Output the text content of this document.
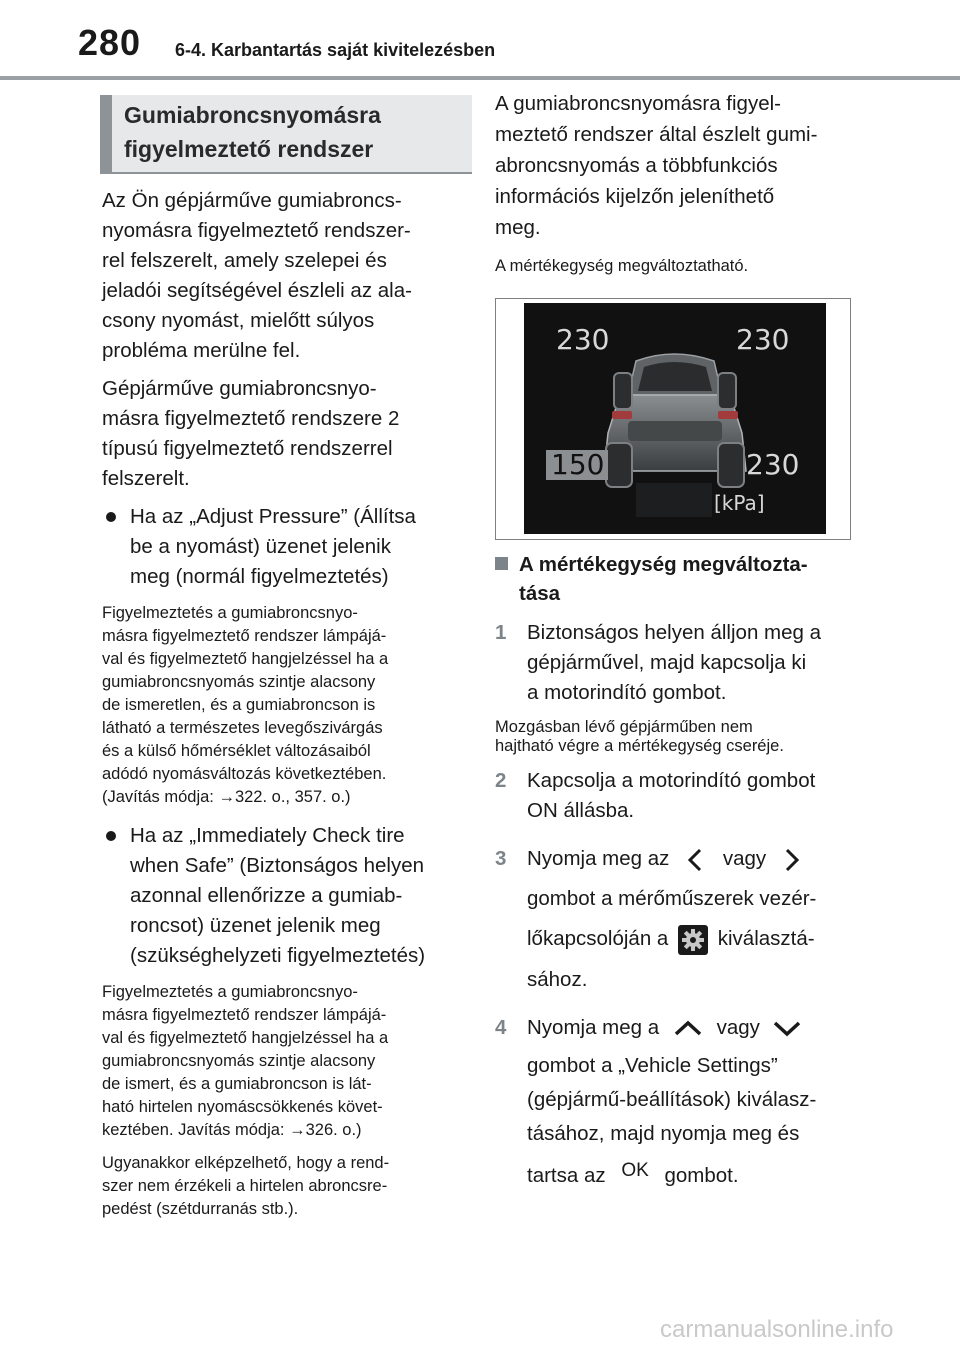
280 6-4. Karbantartás saját kivitelezésben
Gumiabroncsnyomásra
figyelmeztető rendszer

Az Ön gépjárműve gumiabroncs-

nyomásra figyelmeztető rendszer-

rel felszerelt, amely szelepei és

jeladói segítségével észleli az ala-

csony nyomást, mielőtt súlyos

probléma merülne fel.

Gépjárműve gumiabroncsnyo-

másra figyelmeztető rendszere 2

típusú figyelmeztető rendszerrel

felszerelt.

Ha az „Adjust Pressure” (Állítsa
be a nyomást) üzenet jelenik
meg (normál figyelmeztetés)

Figyelmeztetés a gumiabroncsnyo-

másra figyelmeztető rendszer lámpájá-

val és figyelmeztető hangjelzéssel ha a

gumiabroncsnyomás szintje alacsony

de ismeretlen, és a gumiabroncson is

látható a természetes levegőszivárgás

és a külső hőmérséklet változásaiból

adódó nyomásváltozás következtében.

(Javítás módja: →322. o., 357. o.)

Ha az „Immediately Check tire
when Safe” (Biztonságos helyen
azonnal ellenőrizze a gumiab-
roncsot) üzenet jelenik meg
(szükséghelyzeti figyelmeztetés)

Figyelmeztetés a gumiabroncsnyo-

másra figyelmeztető rendszer lámpájá-

val és figyelmeztető hangjelzéssel ha a

gumiabroncsnyomás szintje alacsony

de ismert, és a gumiabroncson is lát-

ható hirtelen nyomáscsökkenés követ-

keztében. Javítás módja: →326. o.)

Ugyanakkor elképzelhető, hogy a rend-

szer nem érzékeli a hirtelen abroncsre-

pedést (szétdurranás stb.).

A gumiabroncsnyomásra figyel-

meztető rendszer által észlelt gumi-

abroncsnyomás a többfunkciós

információs kijelzőn jeleníthető

meg.

A mértékegység megváltoztatható.

230	230
150	230
[kPa]
A mértékegység megváltozta-
tása
1	Biztonságos helyen álljon meg a
gépjárművel, majd kapcsolja ki
a motorindító gombot.

Mozgásban lévő gépjárműben nem

hajtható végre a mértékegység cseréje.

2	Kapcsolja a motorindító gombot
ON állásba.
3	Nyomja meg az	vagy
gombot a mérőműszerek vezér-
lőkapcsolóján a kiválasztá-
sához.
4	Nyomja meg a	vagy
gombot a „Vehicle Settings”
(gépjármű-beállítások) kiválasz-
tásához, majd nyomja meg és
tartsa az OK gombot.
carmanualsonline.info
